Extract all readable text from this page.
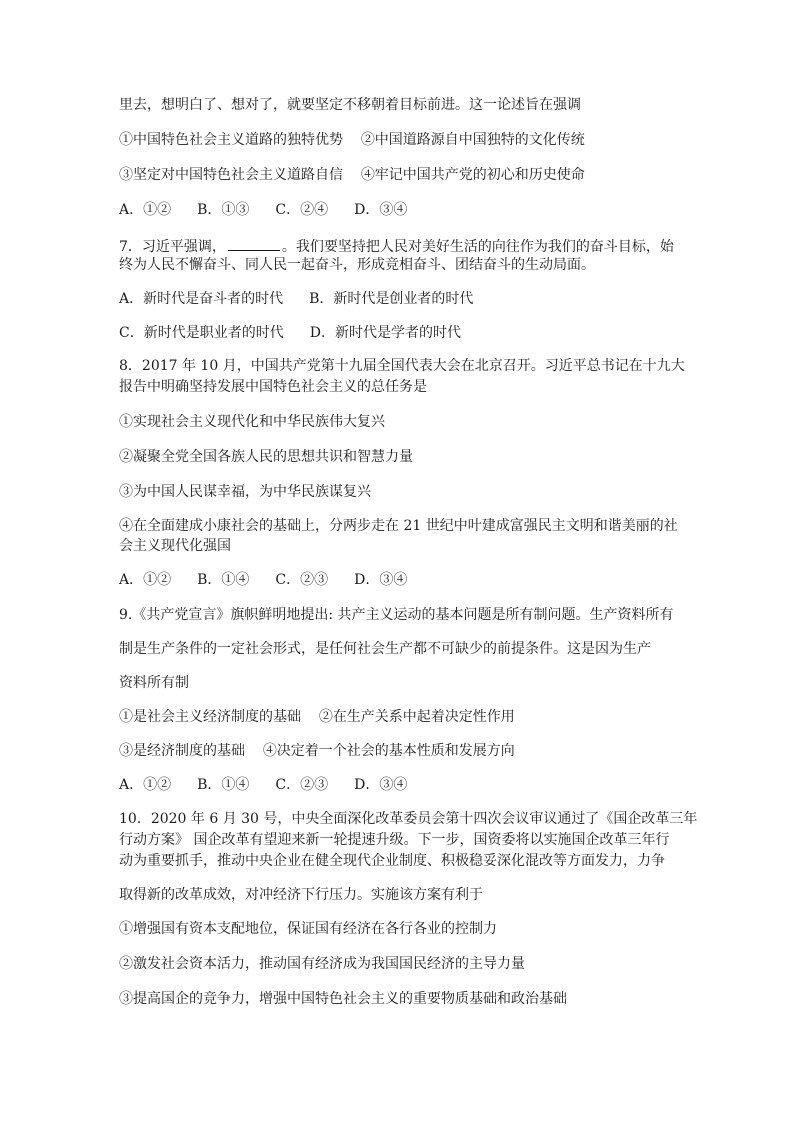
里去，想明白了、想对了，就要坚定不移朝着目标前进。这一论述旨在强调
①中国特色社会主义道路的独特优势 ②中国道路源自中国独特的文化传统
③坚定对中国特色社会主义道路自信 ④牢记中国共产党的初心和历史使命
A．①② B．①③ C．②④ D．③④
7．习近平强调，	。我们要坚持把人民对美好生活的向往作为我们的奋斗目标，始
终为人民不懈奋斗、同人民一起奋斗，形成竞相奋斗、团结奋斗的生动局面。
A．新时代是奋斗者的时代 B．新时代是创业者的时代
C．新时代是职业者的时代 D．新时代是学者的时代
8．2017 年 10 月，中国共产党第十九届全国代表大会在北京召开。习近平总书记在十九大
报告中明确坚持发展中国特色社会主义的总任务是
①实现社会主义现代化和中华民族伟大复兴
②凝聚全党全国各族人民的思想共识和智慧力量
③为中国人民谋幸福，为中华民族谋复兴
④在全面建成小康社会的基础上，分两步走在 21 世纪中叶建成富强民主文明和谐美丽的社
会主义现代化强国
A．①② B．①④ C．②③ D．③④
9.《共产党宣言》旗帜鲜明地提出: 共产主义运动的基本问题是所有制问题。生产资料所有
制是生产条件的一定社会形式，是任何社会生产都不可缺少的前提条件。这是因为生产
资料所有制
①是社会主义经济制度的基础 ②在生产关系中起着决定性作用
③是经济制度的基础 ④决定着一个社会的基本性质和发展方向
A．①② B．①④ C．②③ D．③④
10．2020 年 6 月 30 号，中央全面深化改革委员会第十四次会议审议通过了《国企改革三年
行动方案》 国企改革有望迎来新一轮提速升级。下一步，国资委将以实施国企改革三年行
动为重要抓手，推动中央企业在健全现代企业制度、积极稳妥深化混改等方面发力，力争
取得新的改革成效，对冲经济下行压力。实施该方案有利于
①增强国有资本支配地位，保证国有经济在各行各业的控制力
②激发社会资本活力，推动国有经济成为我国国民经济的主导力量
③提高国企的竞争力，增强中国特色社会主义的重要物质基础和政治基础
